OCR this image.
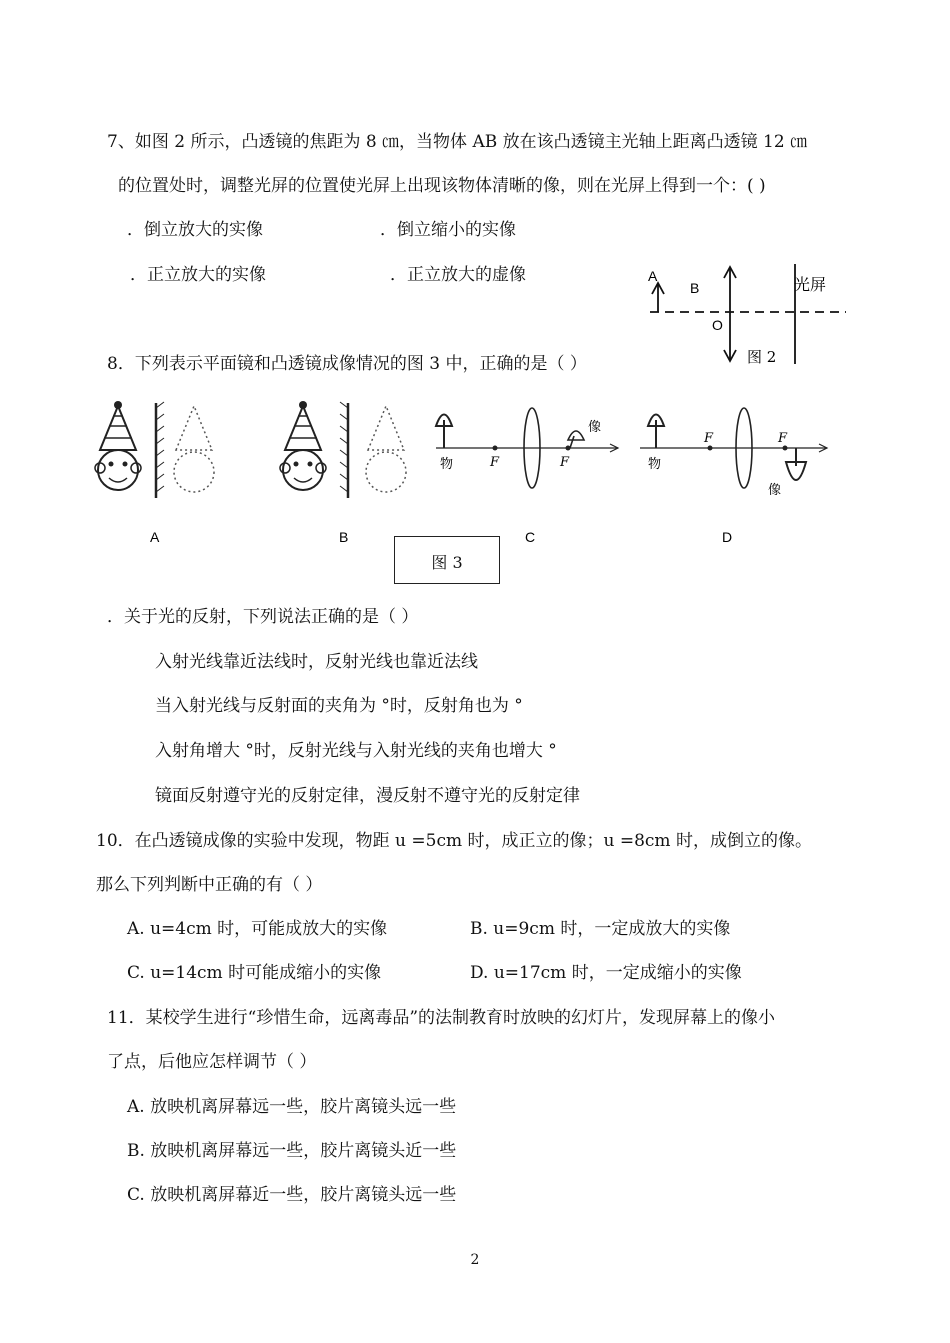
7、如图 2 所示，凸透镜的焦距为 8 ㎝，当物体 AB 放在该凸透镜主光轴上距离凸透镜 12 ㎝
的位置处时，调整光屏的位置使光屏上出现该物体清晰的像，则在光屏上得到一个：( )
．倒立放大的实像	．倒立缩小的实像
．正立放大的实像	．正立放大的虚像	A
B
O
光屏
图 2
8．下列表示平面镜和凸透镜成像情况的图 3 中，正确的是（ ）
物
像
F	F	物
像
F	F
A	B	C	D
图 3
．关于光的反射，下列说法正确的是（ ）
入射光线靠近法线时，反射光线也靠近法线
当入射光线与反射面的夹角为 °时，反射角也为 °
入射角增大 °时，反射光线与入射光线的夹角也增大 °
镜面反射遵守光的反射定律，漫反射不遵守光的反射定律
10．在凸透镜成像的实验中发现，物距 u =5cm 时，成正立的像；u =8cm 时，成倒立的像。
那么下列判断中正确的有（ ）
A. u=4cm 时，可能成放大的实像	B. u=9cm 时，一定成放大的实像
C. u=14cm 时可能成缩小的实像	D. u=17cm 时，一定成缩小的实像
11．某校学生进行“珍惜生命，远离毒品”的法制教育时放映的幻灯片，发现屏幕上的像小
了点，后他应怎样调节（ ）
A. 放映机离屏幕远一些，胶片离镜头远一些
B. 放映机离屏幕远一些，胶片离镜头近一些
C. 放映机离屏幕近一些，胶片离镜头远一些
2
